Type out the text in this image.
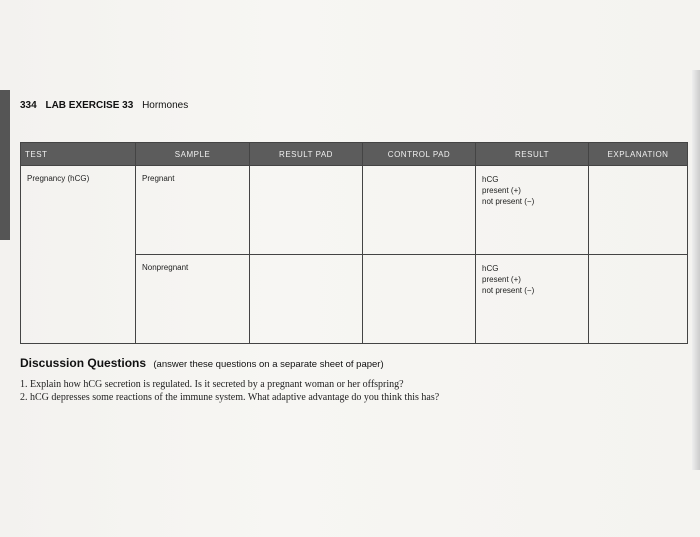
334 LAB EXERCISE 33 Hormones
TEST	SAMPLE	RESULT PAD	CONTROL PAD	RESULT	EXPLANATION
Pregnancy (hCG)	Pregnant			hCG
present (+)
not present (−)	

	Nonpregnant			hCG
present (+)
not present (−)	

Discussion Questions (answer these questions on a separate sheet of paper)
1. Explain how hCG secretion is regulated. Is it secreted by a pregnant woman or her offspring?
2. hCG depresses some reactions of the immune system. What adaptive advantage do you think this has?
